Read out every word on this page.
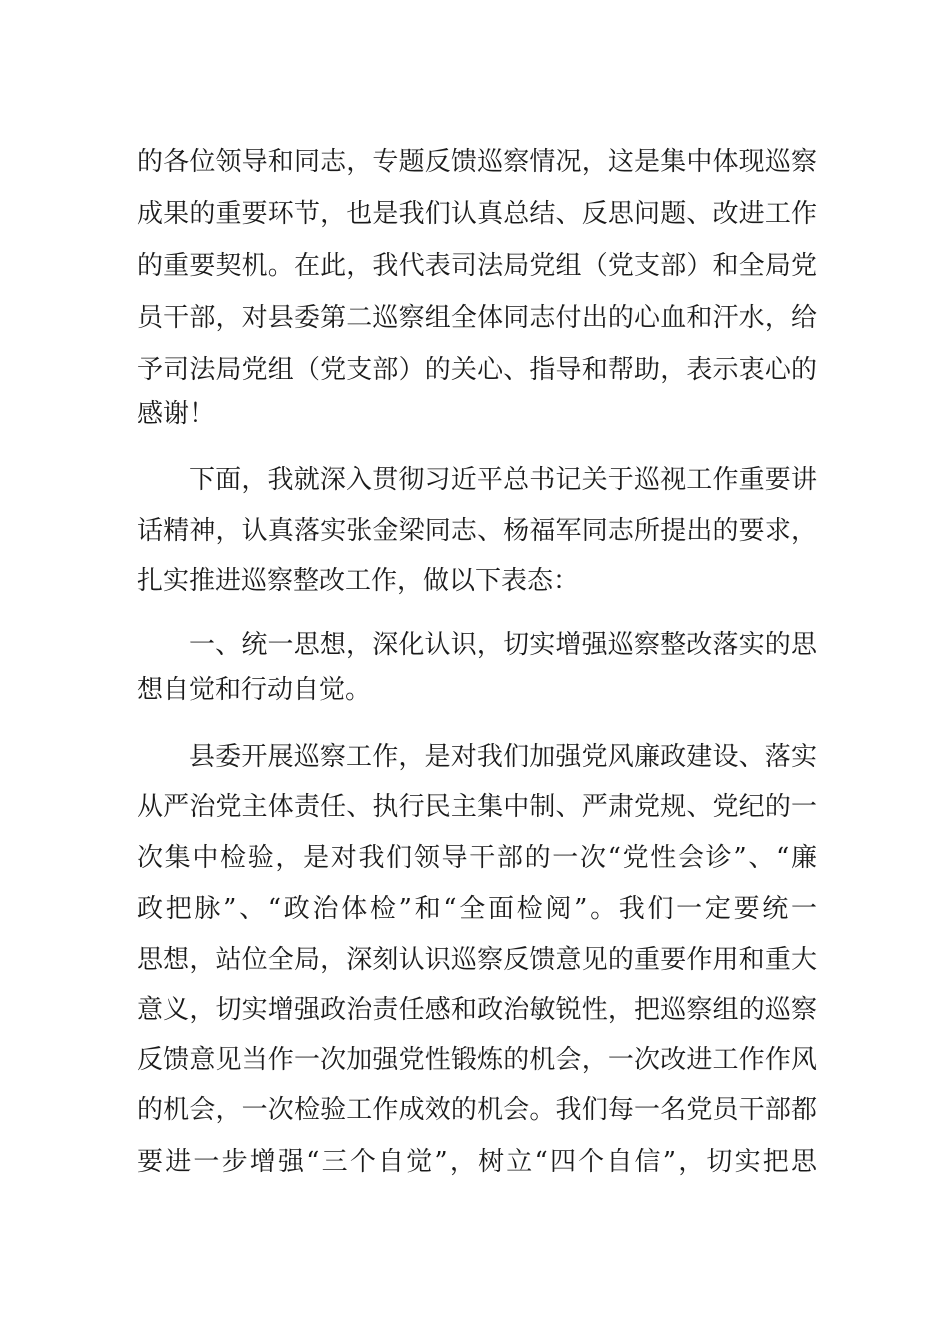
的各位领导和同志，专题反馈巡察情况，这是集中体现巡察

成果的重要环节，也是我们认真总结、反思问题、改进工作

的重要契机。在此，我代表司法局党组（党支部）和全局党

员干部，对县委第二巡察组全体同志付出的心血和汗水，给

予司法局党组（党支部）的关心、指导和帮助，表示衷心的

感谢！

下面，我就深入贯彻习近平总书记关于巡视工作重要讲

话精神，认真落实张金梁同志、杨福军同志所提出的要求，

扎实推进巡察整改工作，做以下表态：

一、统一思想，深化认识，切实增强巡察整改落实的思

想自觉和行动自觉。

县委开展巡察工作，是对我们加强党风廉政建设、落实

从严治党主体责任、执行民主集中制、严肃党规、党纪的一

次集中检验，是对我们领导干部的一次“党性会诊”、“廉

政把脉”、“政治体检”和“全面检阅”。我们一定要统一

思想，站位全局，深刻认识巡察反馈意见的重要作用和重大

意义，切实增强政治责任感和政治敏锐性，把巡察组的巡察

反馈意见当作一次加强党性锻炼的机会，一次改进工作作风

的机会，一次检验工作成效的机会。我们每一名党员干部都

要进一步增强“三个自觉”，树立“四个自信”，切实把思
